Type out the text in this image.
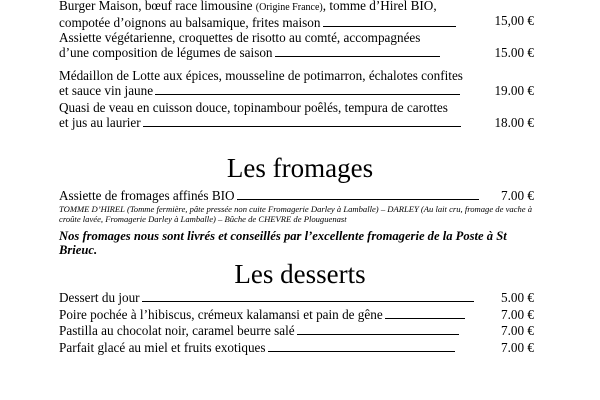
Burger Maison, bœuf race limousine (Origine France), tomme d’Hirel BIO,
compotée d’oignons au balsamique, frites maison	15,00 €
Assiette végétarienne, croquettes de risotto au comté, accompagnées
d’une composition de légumes de saison	15.00 €
Médaillon de Lotte aux épices, mousseline de potimarron, échalotes confites
et sauce vin jaune	19.00 €
Quasi de veau en cuisson douce, topinambour poêlés, tempura de carottes
et jus au laurier	18.00 €
Les fromages
Assiette de fromages affinés BIO	7.00 €
TOMME D’HIREL (Tomme fermière, pâte pressée non cuite Fromagerie Darley à Lamballe) – DARLEY (Au lait cru, fromage de vache à croûte lavée, Fromagerie Darley à Lamballe) – Bûche de CHEVRE de Plouguenast
Nos fromages nous sont livrés et conseillés par l’excellente fromagerie de la Poste à St Brieuc.
Les desserts
Dessert du jour	5.00 €
Poire pochée à l’hibiscus, crémeux kalamansi et pain de gêne	7.00 €
Pastilla au chocolat noir, caramel beurre salé	7.00 €
Parfait glacé au miel et fruits exotiques	7.00 €
